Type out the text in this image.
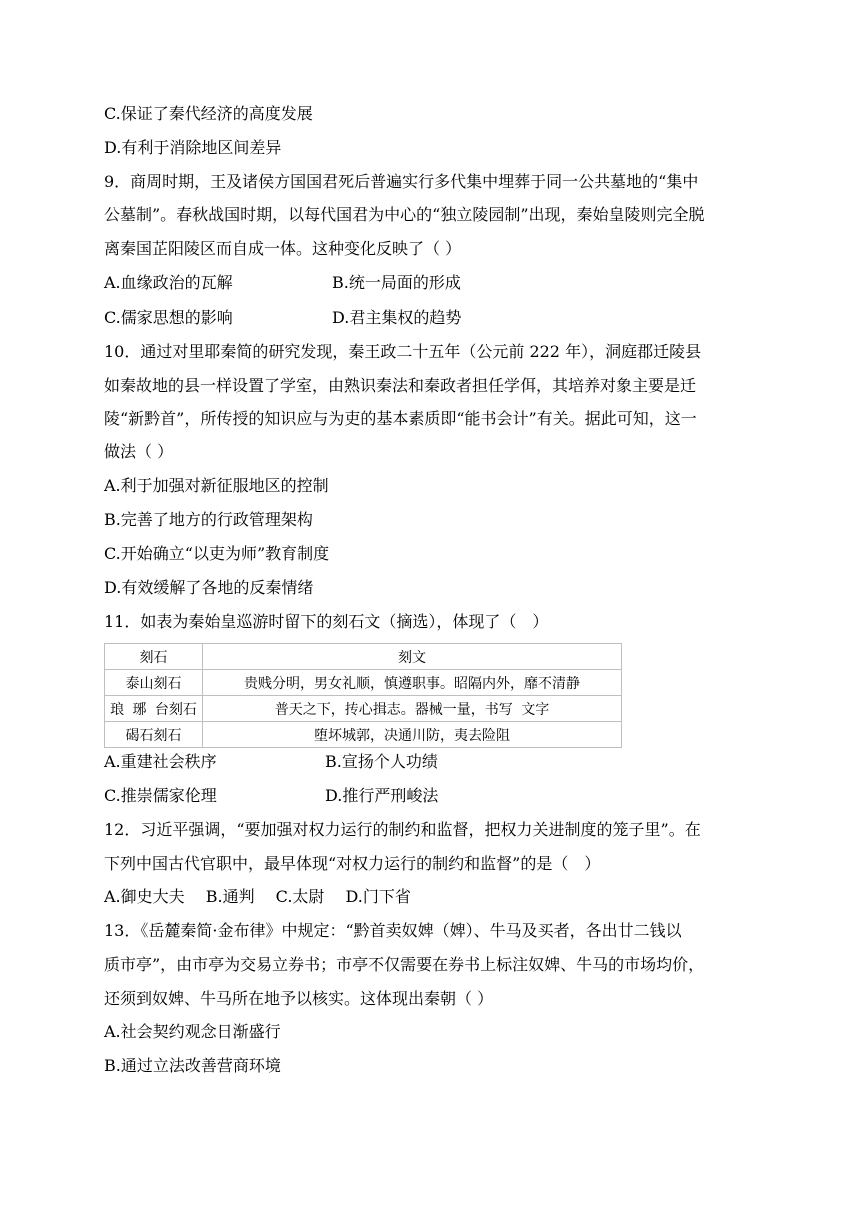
C.保证了秦代经济的高度发展
D.有利于消除地区间差异
9．商周时期，王及诸侯方国国君死后普遍实行多代集中埋葬于同一公共墓地的“集中
公墓制”。春秋战国时期，以每代国君为中心的“独立陵园制”出现，秦始皇陵则完全脱
离秦国芷阳陵区而自成一体。这种变化反映了（ ）
A.血缘政治的瓦解	B.统一局面的形成
C.儒家思想的影响	D.君主集权的趋势
10．通过对里耶秦简的研究发现，秦王政二十五年（公元前 222 年），洞庭郡迁陵县
如秦故地的县一样设置了学室，由熟识秦法和秦政者担任学佴，其培养对象主要是迁
陵“新黔首”，所传授的知识应与为吏的基本素质即“能书会计”有关。据此可知，这一
做法（ ）
A.利于加强对新征服地区的控制
B.完善了地方的行政管理架构
C.开始确立“以吏为师”教育制度
D.有效缓解了各地的反秦情绪
11．如表为秦始皇巡游时留下的刻石文（摘选），体现了（　）
刻石	刻文
泰山刻石	贵贱分明，男女礼顺，慎遵职事。昭隔内外，靡不清静
琅 琊 台刻石	普天之下，抟心揖志。器械一量，书写 文字
碣石刻石	堕坏城郭，决通川防，夷去险阻
A.重建社会秩序	B.宣扬个人功绩
C.推崇儒家伦理	D.推行严刑峻法
12．习近平强调，“要加强对权力运行的制约和监督，把权力关进制度的笼子里”。在
下列中国古代官职中，最早体现“对权力运行的制约和监督”的是（　）
A.御史大夫　 B.通判　 C.太尉　 D.门下省
13．《岳麓秦简·金布律》中规定：“黔首卖奴婢（婢）、牛马及买者，各出廿二钱以
质市亭”，由市亭为交易立券书；市亭不仅需要在券书上标注奴婢、牛马的市场均价，
还须到奴婢、牛马所在地予以核实。这体现出秦朝（ ）
A.社会契约观念日渐盛行
B.通过立法改善营商环境
